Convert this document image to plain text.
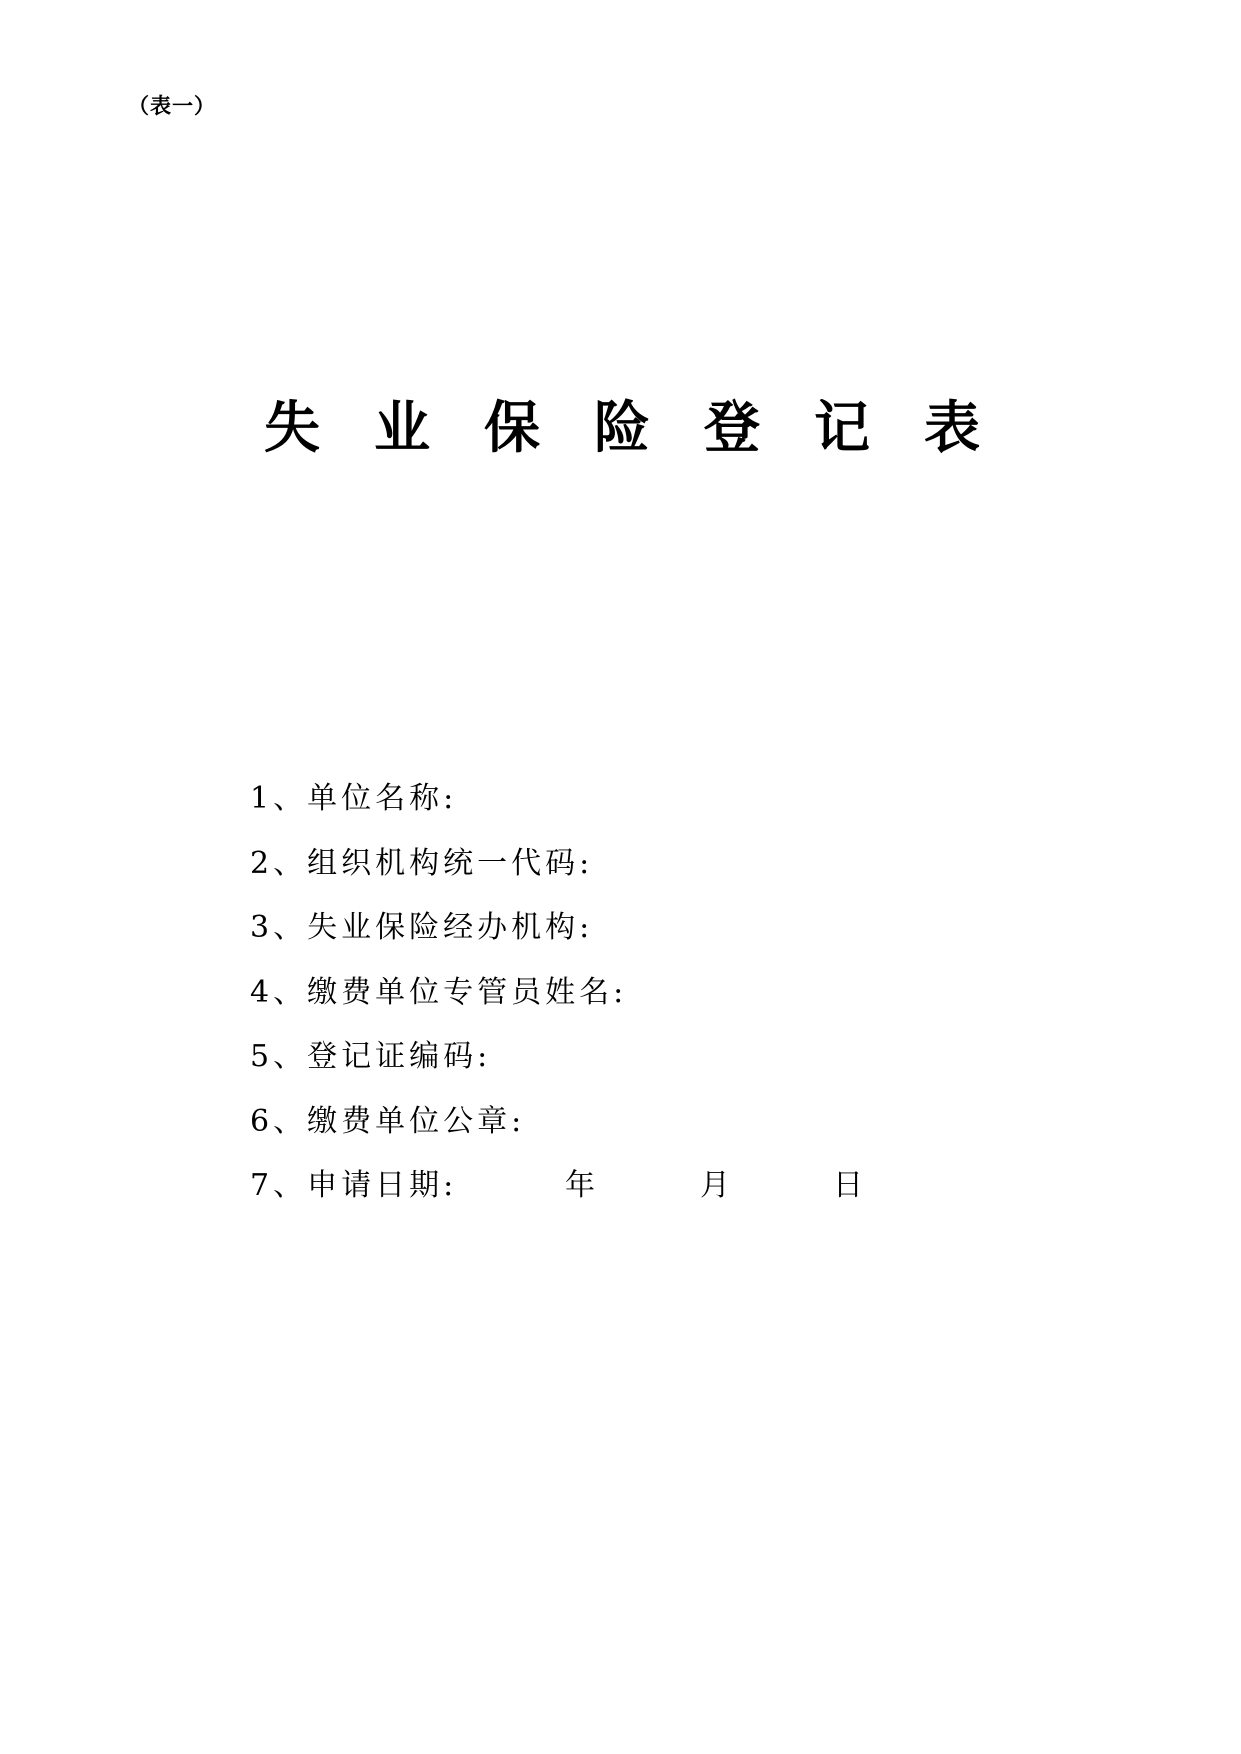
（表一）
失 业 保 险 登 记 表
1、 单位名称:
2、 组织机构统一代码:
3、 失业保险经办机构:
4、 缴费单位专管员姓名:
5、 登记证编码:
6、 缴费单位公章:
7、 申请日期:	年	月	日
